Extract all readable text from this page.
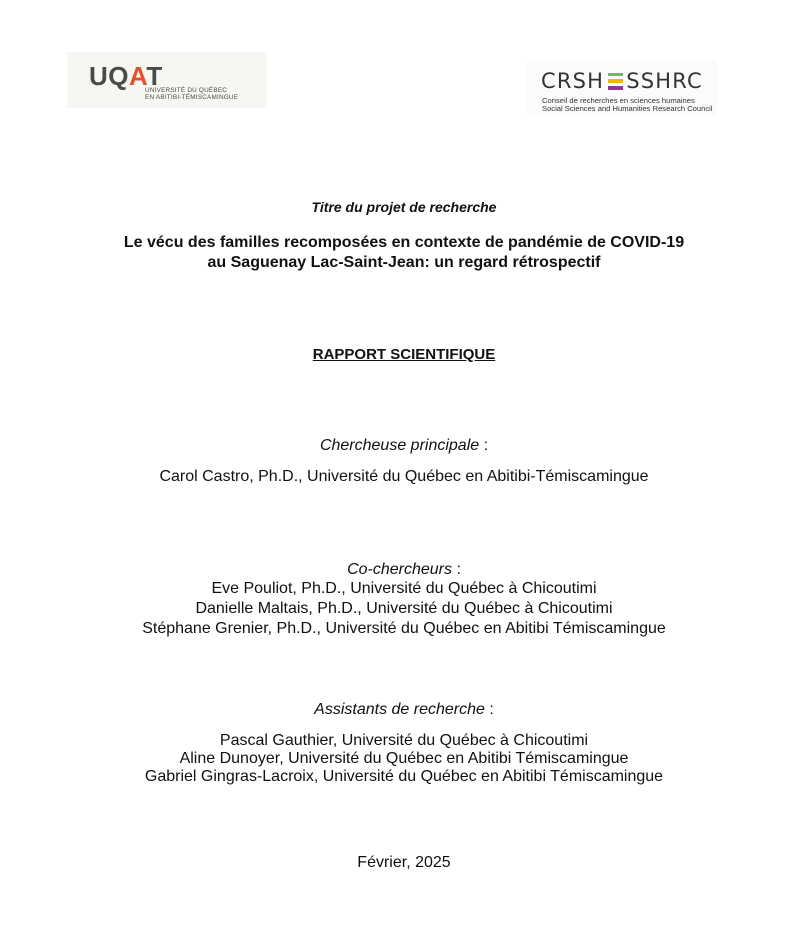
UQAT
UNIVERSITÉ DU QUÉBEC
EN ABITIBI-TÉMISCAMINGUE
CRSH SSHRC
Conseil de recherches en sciences humaines
Social Sciences and Humanities Research Council
Titre du projet de recherche
Le vécu des familles recomposées en contexte de pandémie de COVID-19
au Saguenay Lac-Saint-Jean: un regard rétrospectif
RAPPORT SCIENTIFIQUE
Chercheuse principale :
Carol Castro, Ph.D., Université du Québec en Abitibi-Témiscamingue
Co-chercheurs :
Eve Pouliot, Ph.D., Université du Québec à Chicoutimi
Danielle Maltais, Ph.D., Université du Québec à Chicoutimi
Stéphane Grenier, Ph.D., Université du Québec en Abitibi Témiscamingue
Assistants de recherche :
Pascal Gauthier, Université du Québec à Chicoutimi
Aline Dunoyer, Université du Québec en Abitibi Témiscamingue
Gabriel Gingras-Lacroix, Université du Québec en Abitibi Témiscamingue
Février, 2025
